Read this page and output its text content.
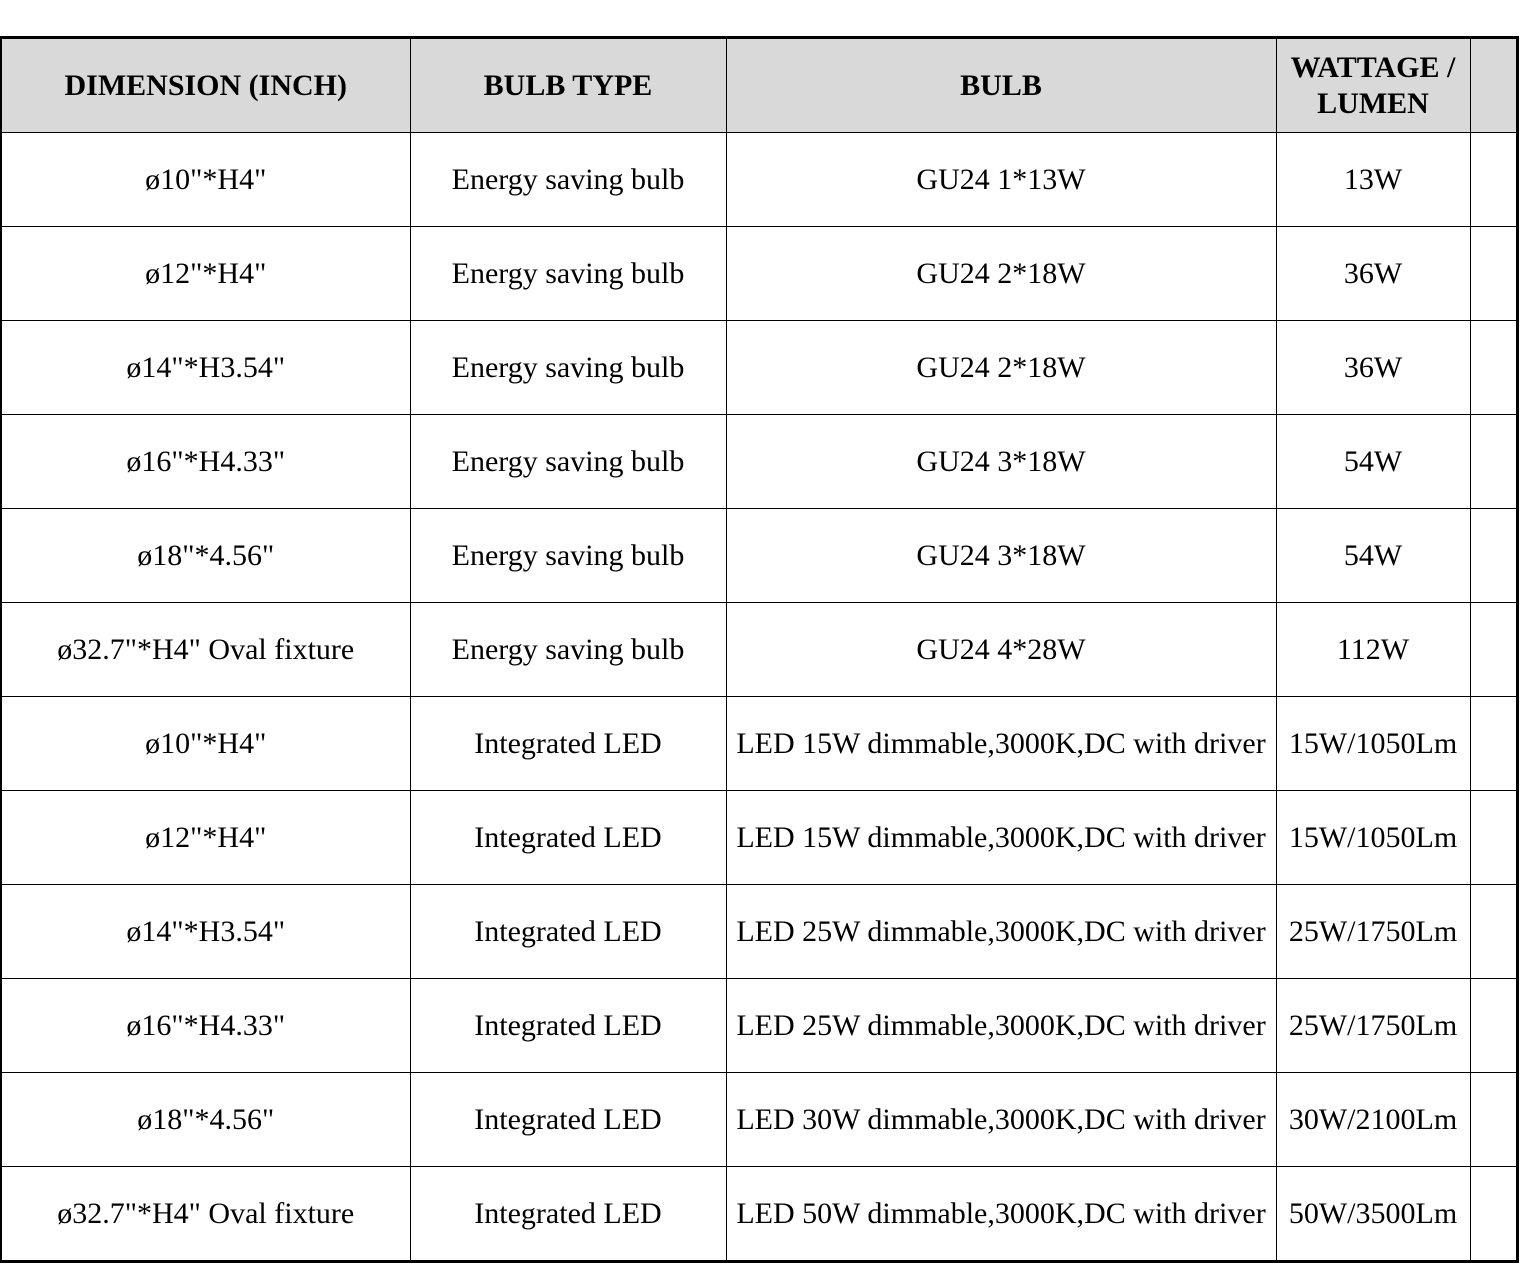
DIMENSION (INCH)	BULB TYPE	BULB	WATTAGE / LUMEN	
ø10"*H4"	Energy saving bulb	GU24 1*13W	13W	
ø12"*H4"	Energy saving bulb	GU24 2*18W	36W	
ø14"*H3.54"	Energy saving bulb	GU24 2*18W	36W	
ø16"*H4.33"	Energy saving bulb	GU24 3*18W	54W	
ø18"*4.56"	Energy saving bulb	GU24 3*18W	54W	
ø32.7"*H4" Oval fixture	Energy saving bulb	GU24 4*28W	112W	
ø10"*H4"	Integrated LED	LED 15W dimmable,3000K,DC with driver	15W/1050Lm	
ø12"*H4"	Integrated LED	LED 15W dimmable,3000K,DC with driver	15W/1050Lm	
ø14"*H3.54"	Integrated LED	LED 25W dimmable,3000K,DC with driver	25W/1750Lm	
ø16"*H4.33"	Integrated LED	LED 25W dimmable,3000K,DC with driver	25W/1750Lm	
ø18"*4.56"	Integrated LED	LED 30W dimmable,3000K,DC with driver	30W/2100Lm	
ø32.7"*H4" Oval fixture	Integrated LED	LED 50W dimmable,3000K,DC with driver	50W/3500Lm	
